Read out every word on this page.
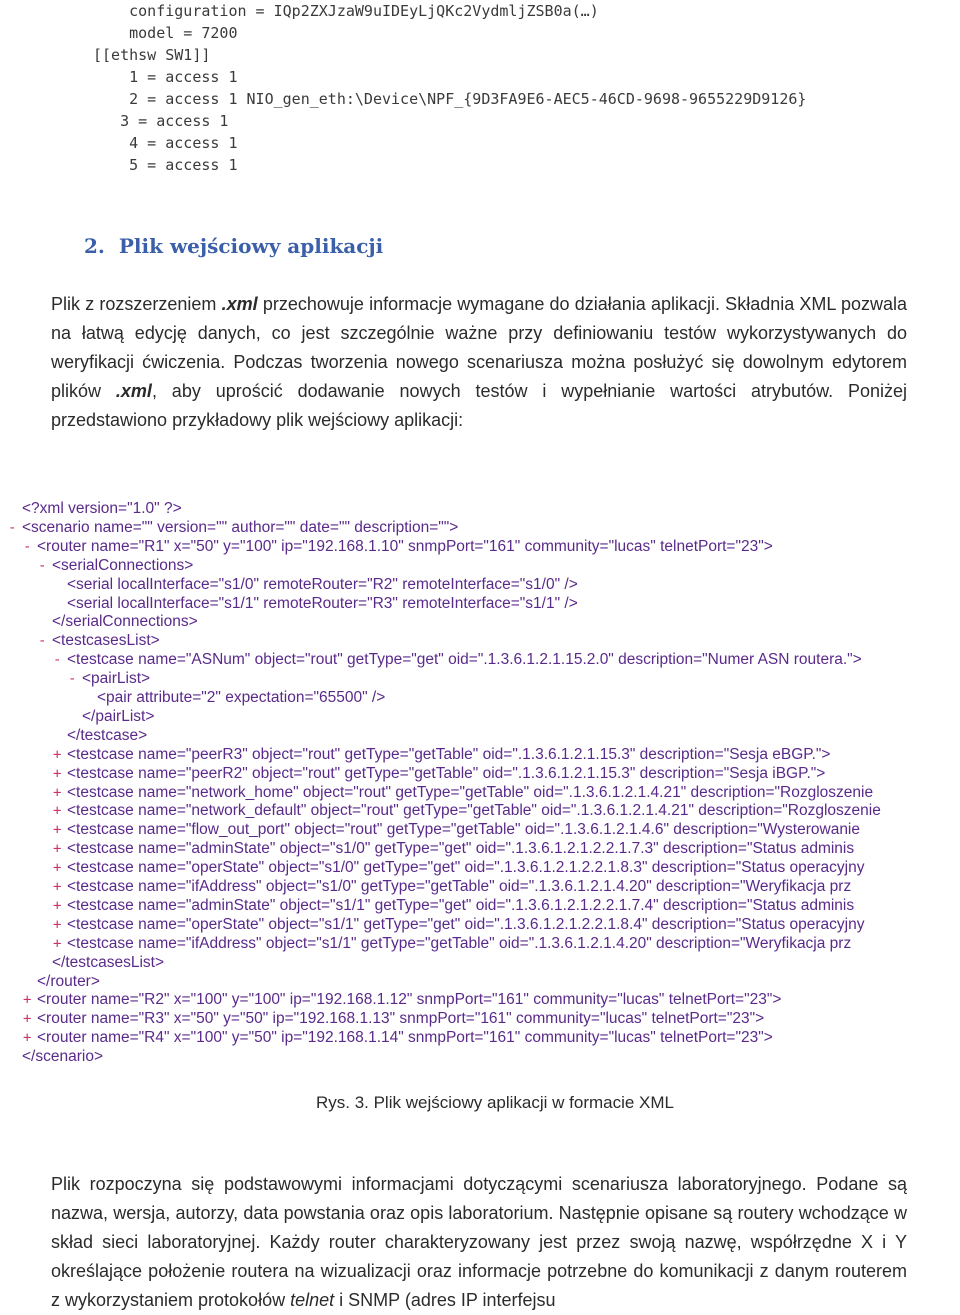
configuration = IQp2ZXJzaW9uIDEyLjQKc2VydmljZSB0a(…)

model = 7200

[[ethsw SW1]]

1 = access 1

2 = access 1 NIO_gen_eth:\Device\NPF_{9D3FA9E6-AEC5-46CD-9698-9655229D9126}

3 = access 1

4 = access 1

5 = access 1

2. Plik wejściowy aplikacji

Plik z rozszerzeniem .xml przechowuje informacje wymagane do działania aplikacji. Składnia XML pozwala na łatwą edycję danych, co jest szczególnie ważne przy definiowaniu testów wykorzystywanych do weryfikacji ćwiczenia. Podczas tworzenia nowego scenariusza można posłużyć się dowolnym edytorem plików .xml, aby uprościć dodawanie nowych testów i wypełnianie wartości atrybutów. Poniżej przedstawiono przykładowy plik wejściowy aplikacji:

<?xml version="1.0" ?>
- <scenario name="" version="" author="" date="" description="">
- <router name="R1" x="50" y="100" ip="192.168.1.10" snmpPort="161" community="lucas" telnetPort="23">
- <serialConnections>
<serial localInterface="s1/0" remoteRouter="R2" remoteInterface="s1/0" />
<serial localInterface="s1/1" remoteRouter="R3" remoteInterface="s1/1" />
</serialConnections>
- <testcasesList>
- <testcase name="ASNum" object="rout" getType="get" oid=".1.3.6.1.2.1.15.2.0" description="Numer ASN routera.">
- <pairList>
<pair attribute="2" expectation="65500" />
</pairList>
</testcase>
+ <testcase name="peerR3" object="rout" getType="getTable" oid=".1.3.6.1.2.1.15.3" description="Sesja eBGP.">
+ <testcase name="peerR2" object="rout" getType="getTable" oid=".1.3.6.1.2.1.15.3" description="Sesja iBGP.">
+ <testcase name="network_home" object="rout" getType="getTable" oid=".1.3.6.1.2.1.4.21" description="Rozgloszenie
+ <testcase name="network_default" object="rout" getType="getTable" oid=".1.3.6.1.2.1.4.21" description="Rozgloszenie
+ <testcase name="flow_out_port" object="rout" getType="getTable" oid=".1.3.6.1.2.1.4.6" description="Wysterowanie
+ <testcase name="adminState" object="s1/0" getType="get" oid=".1.3.6.1.2.1.2.2.1.7.3" description="Status adminis
+ <testcase name="operState" object="s1/0" getType="get" oid=".1.3.6.1.2.1.2.2.1.8.3" description="Status operacyjny
+ <testcase name="ifAddress" object="s1/0" getType="getTable" oid=".1.3.6.1.2.1.4.20" description="Weryfikacja prz
+ <testcase name="adminState" object="s1/1" getType="get" oid=".1.3.6.1.2.1.2.2.1.7.4" description="Status adminis
+ <testcase name="operState" object="s1/1" getType="get" oid=".1.3.6.1.2.1.2.2.1.8.4" description="Status operacyjny
+ <testcase name="ifAddress" object="s1/1" getType="getTable" oid=".1.3.6.1.2.1.4.20" description="Weryfikacja prz
</testcasesList>
</router>
+ <router name="R2" x="100" y="100" ip="192.168.1.12" snmpPort="161" community="lucas" telnetPort="23">
+ <router name="R3" x="50" y="50" ip="192.168.1.13" snmpPort="161" community="lucas" telnetPort="23">
+ <router name="R4" x="100" y="50" ip="192.168.1.14" snmpPort="161" community="lucas" telnetPort="23">
</scenario>

Rys. 3. Plik wejściowy aplikacji w formacie XML

Plik rozpoczyna się podstawowymi informacjami dotyczącymi scenariusza laboratoryjnego. Podane są nazwa, wersja, autorzy, data powstania oraz opis laboratorium. Następnie opisane są routery wchodzące w skład sieci laboratoryjnej. Każdy router charakteryzowany jest przez swoją nazwę, współrzędne X i Y określające położenie routera na wizualizacji oraz informacje potrzebne do komunikacji z danym routerem z wykorzystaniem protokołów telnet i SNMP (adres IP interfejsu
